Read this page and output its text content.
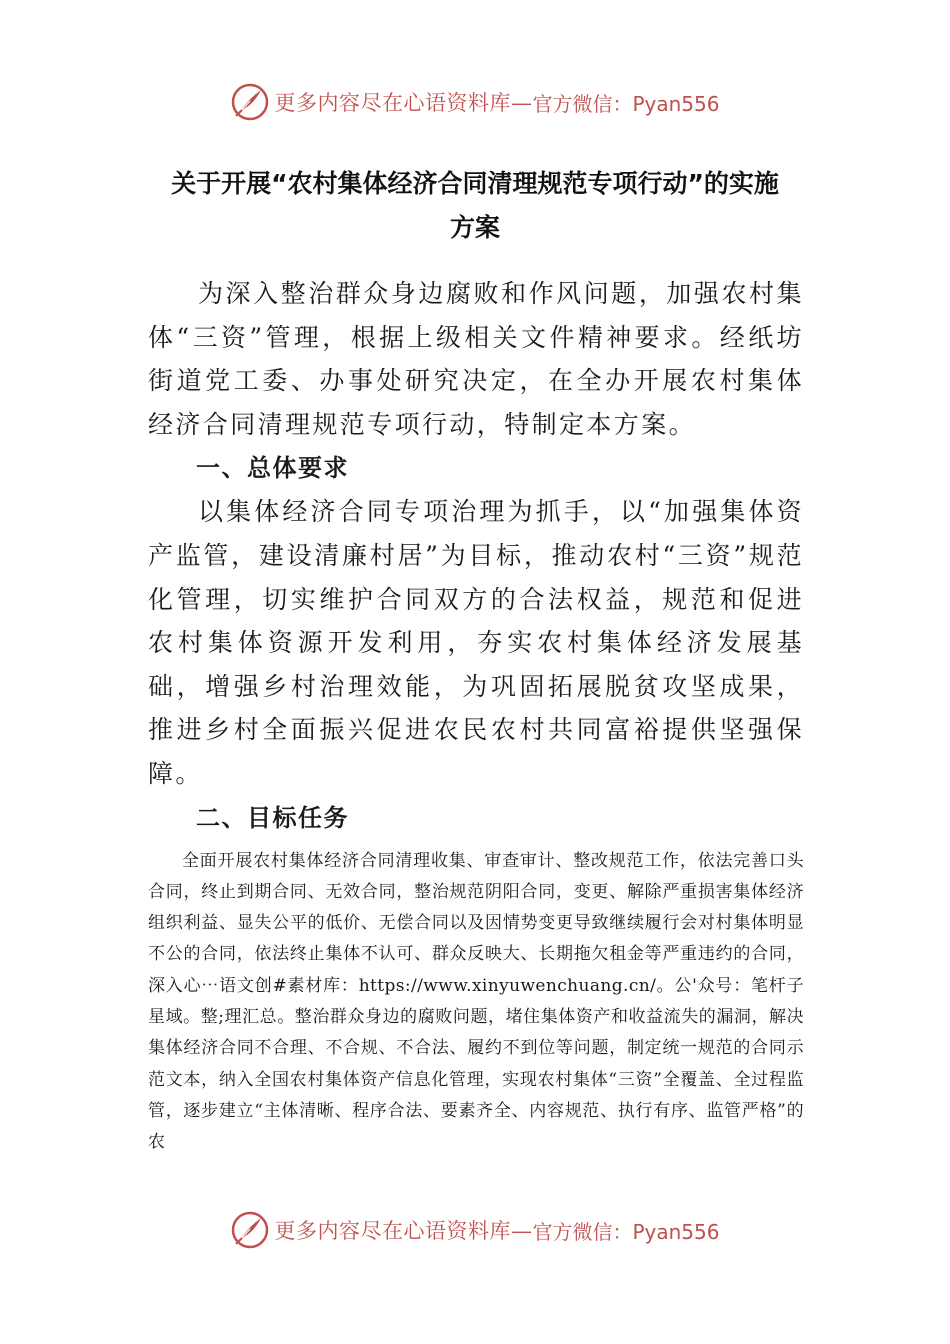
更多内容尽在心语资料库— 官方微信：Pyan556
关于开展“农村集体经济合同清理规范专项行动”的实施
方案

为深入整治群众身边腐败和作风问题，加强农村集体“三资”管理，根据上级相关文件精神要求。经纸坊街道党工委、办事处研究决定，在全办开展农村集体经济合同清理规范专项行动，特制定本方案。

一、总体要求

以集体经济合同专项治理为抓手，以“加强集体资产监管，建设清廉村居”为目标，推动农村“三资”规范化管理，切实维护合同双方的合法权益，规范和促进农村集体资源开发利用，夯实农村集体经济发展基础，增强乡村治理效能，为巩固拓展脱贫攻坚成果，推进乡村全面振兴促进农民农村共同富裕提供坚强保障。

二、目标任务

全面开展农村集体经济合同清理收集、审查审计、整改规范工作，依法完善口头合同，终止到期合同、无效合同，整治规范阴阳合同，变更、解除严重损害集体经济组织利益、显失公平的低价、无偿合同以及因情势变更导致继续履行会对村集体明显不公的合同，依法终止集体不认可、群众反映大、长期拖欠租金等严重违约的合同，深入心⋯语文创#素材库：https://www.xinyuwenchuang.cn/。公'众号：笔杆子星域。整;理汇总。整治群众身边的腐败问题，堵住集体资产和收益流失的漏洞，解决集体经济合同不合理、不合规、不合法、履约不到位等问题，制定统一规范的合同示范文本，纳入全国农村集体资产信息化管理，实现农村集体“三资”全覆盖、全过程监管，逐步建立“主体清晰、程序合法、要素齐全、内容规范、执行有序、监管严格”的农

更多内容尽在心语资料库— 官方微信：Pyan556
